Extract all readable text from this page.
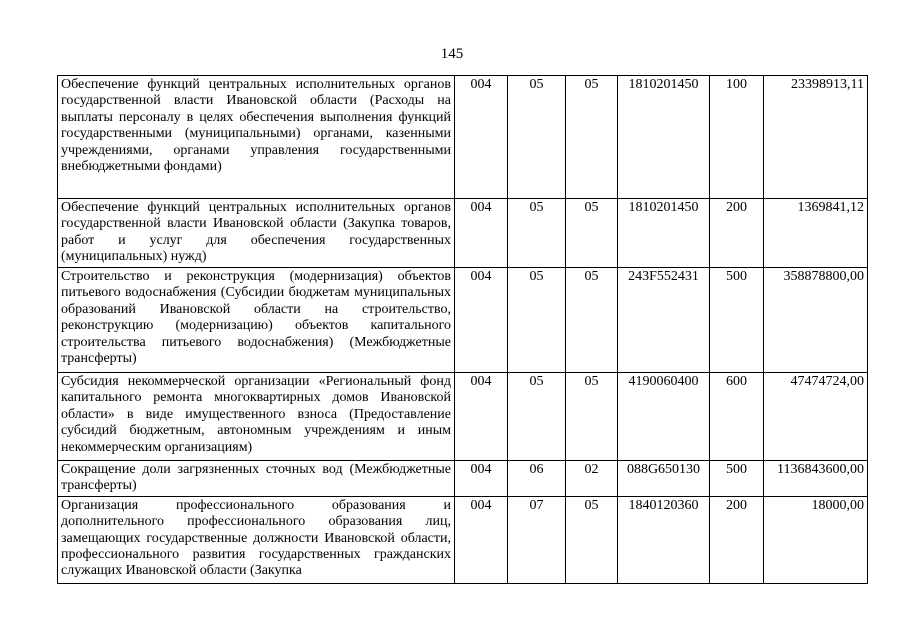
145
Обеспечение функций центральных исполнительных органов государственной власти Ивановской области (Расходы на выплаты персоналу в целях обеспечения выполнения функций государственными (муниципальными) органами, казенными учреждениями, органами управления государственными внебюджетными фондами)	004	05	05	1810201450	100	23398913,11
Обеспечение функций центральных исполнительных органов государственной власти Ивановской области (Закупка товаров, работ и услуг для обеспечения государственных (муниципальных) нужд)	004	05	05	1810201450	200	1369841,12
Строительство и реконструкция (модернизация) объектов питьевого водоснабжения (Субсидии бюджетам муниципальных образований Ивановской области на строительство, реконструкцию (модернизацию) объектов капитального строительства питьевого водоснабжения) (Межбюджетные трансферты)	004	05	05	243F552431	500	358878800,00
Субсидия некоммерческой организации «Региональный фонд капитального ремонта многоквартирных домов Ивановской области» в виде имущественного взноса (Предоставление субсидий бюджетным, автономным учреждениям и иным некоммерческим организациям)	004	05	05	4190060400	600	47474724,00
Сокращение доли загрязненных сточных вод (Межбюджетные трансферты)	004	06	02	088G650130	500	1136843600,00
Организация профессионального образования и дополнительного профессионального образования лиц, замещающих государственные должности Ивановской области, профессионального развития государственных гражданских служащих Ивановской области (Закупка	004	07	05	1840120360	200	18000,00
